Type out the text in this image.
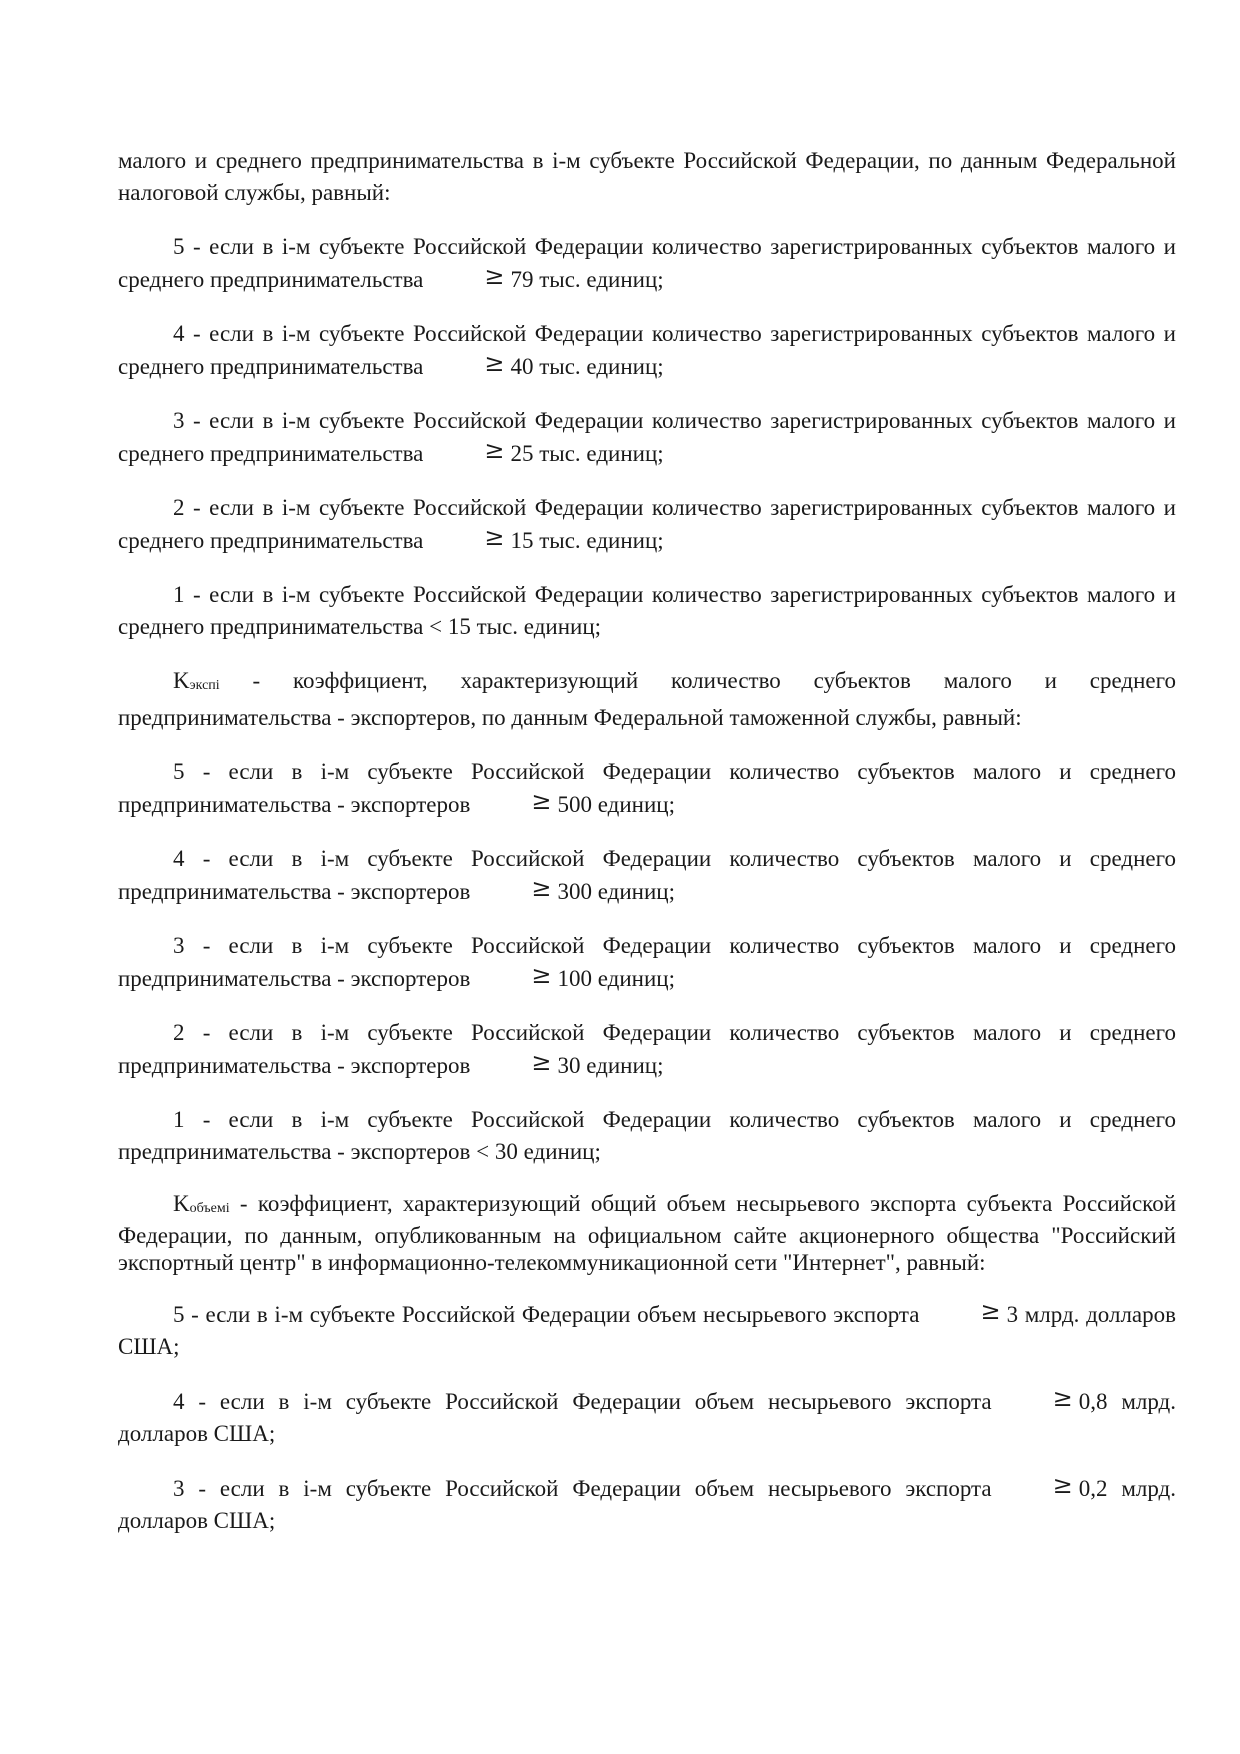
малого и среднего предпринимательства в i-м субъекте Российской Федерации, по данным Федеральной налоговой службы, равный:

5 - если в i-м субъекте Российской Федерации количество зарегистрированных субъектов малого и среднего предпринимательства	≥ 79 тыс. единиц;

4 - если в i-м субъекте Российской Федерации количество зарегистрированных субъектов малого и среднего предпринимательства	≥ 40 тыс. единиц;

3 - если в i-м субъекте Российской Федерации количество зарегистрированных субъектов малого и среднего предпринимательства	≥ 25 тыс. единиц;

2 - если в i-м субъекте Российской Федерации количество зарегистрированных субъектов малого и среднего предпринимательства	≥ 15 тыс. единиц;

1 - если в i-м субъекте Российской Федерации количество зарегистрированных субъектов малого и среднего предпринимательства < 15 тыс. единиц;

$K_{экспi}$ - коэффициент, характеризующий количество субъектов малого и среднего предпринимательства - экспортеров, по данным Федеральной таможенной службы, равный:

5 - если в i-м субъекте Российской Федерации количество субъектов малого и среднего предпринимательства - экспортеров	≥ 500 единиц;

4 - если в i-м субъекте Российской Федерации количество субъектов малого и среднего предпринимательства - экспортеров	≥ 300 единиц;

3 - если в i-м субъекте Российской Федерации количество субъектов малого и среднего предпринимательства - экспортеров	≥ 100 единиц;

2 - если в i-м субъекте Российской Федерации количество субъектов малого и среднего предпринимательства - экспортеров	≥ 30 единиц;

1 - если в i-м субъекте Российской Федерации количество субъектов малого и среднего предпринимательства - экспортеров < 30 единиц;

$K_{объемi}$ - коэффициент, характеризующий общий объем несырьевого экспорта субъекта Российской Федерации, по данным, опубликованным на официальном сайте акционерного общества "Российский экспортный центр" в информационно-телекоммуникационной сети "Интернет", равный:

5 - если в i-м субъекте Российской Федерации объем несырьевого экспорта	≥ 3 млрд. долларов США;

4 - если в i-м субъекте Российской Федерации объем несырьевого экспорта	≥ 0,8 млрд. долларов США;

3 - если в i-м субъекте Российской Федерации объем несырьевого экспорта	≥ 0,2 млрд. долларов США;
